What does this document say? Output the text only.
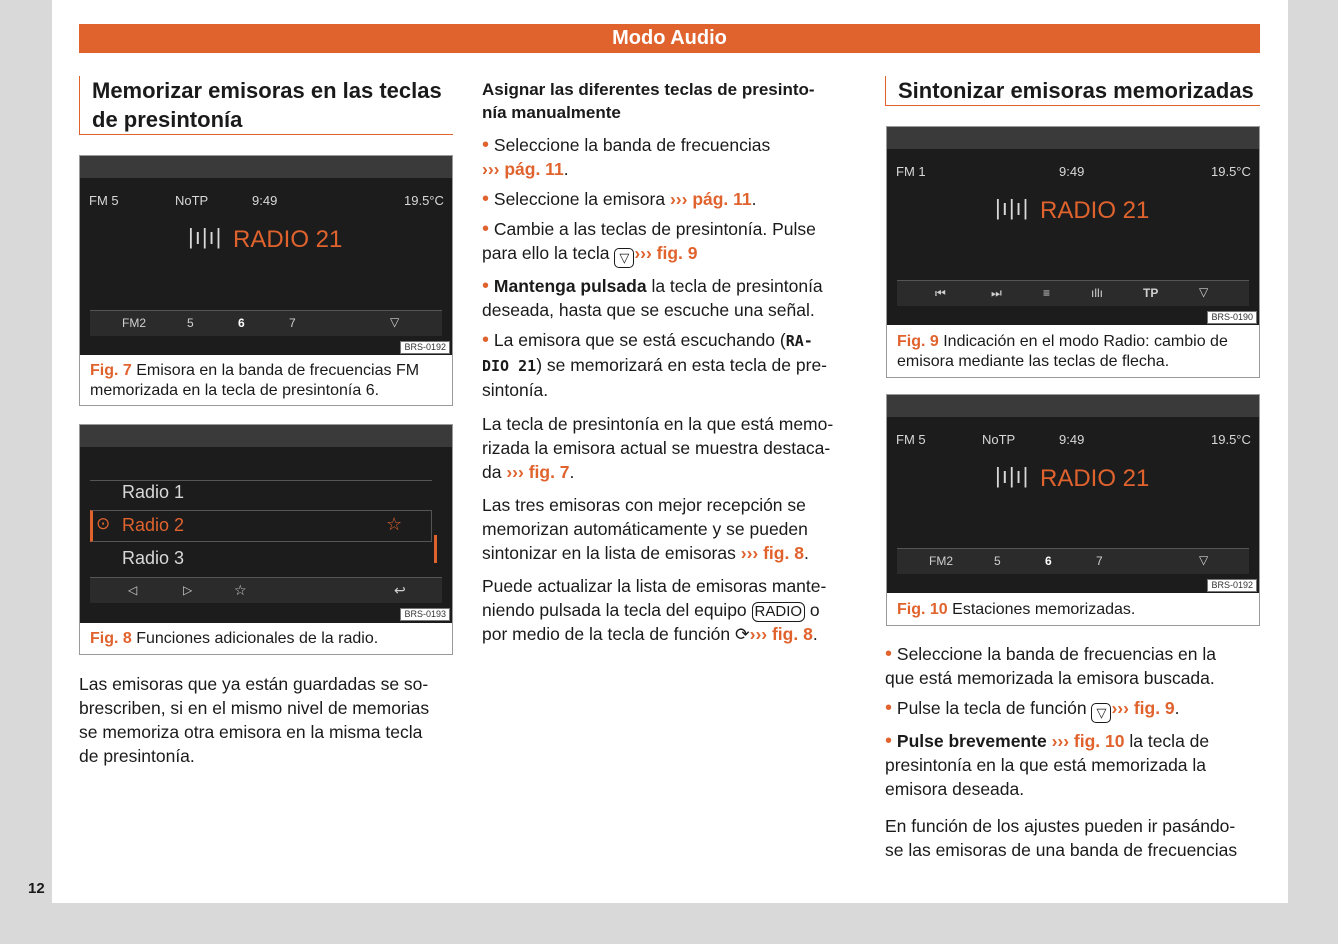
Modo Audio
Memorizar emisoras en las teclas
de presintonía
FM 5	NoTP	9:49	19.5°C
|ı|ı| RADIO 21
FM2	5	6	7	▽
BRS-0192
Fig. 7 Emisora en la banda de frecuencias FM
memorizada en la tecla de presintonía 6.
Radio 1
⊙ Radio 2	☆
Radio 3
◁	▷	☆	↩
BRS-0193
Fig. 8 Funciones adicionales de la radio.
Las emisoras que ya están guardadas se so-
brescriben, si en el mismo nivel de memorias
se memoriza otra emisora en la misma tecla
de presintonía.
Asignar las diferentes teclas de presinto-
nía manualmente
• Seleccione la banda de frecuencias
››› pág. 11.
• Seleccione la emisora ››› pág. 11.
• Cambie a las teclas de presintonía. Pulse
para ello la tecla ▽ ››› fig. 9
• Mantenga pulsada la tecla de presintonía
deseada, hasta que se escuche una señal.
• La emisora que se está escuchando (RA-
DIO 21) se memorizará en esta tecla de pre-
sintonía.
La tecla de presintonía en la que está memo-
rizada la emisora actual se muestra destaca-
da ››› fig. 7.
Las tres emisoras con mejor recepción se
memorizan automáticamente y se pueden
sintonizar en la lista de emisoras ››› fig. 8.
Puede actualizar la lista de emisoras mante-
niendo pulsada la tecla del equipo RADIO o
por medio de la tecla de función ⟳››› fig. 8.
Sintonizar emisoras memorizadas
FM 1	9:49	19.5°C
|ı|ı| RADIO 21
⏮	⏭	≡	ıllı	TP	▽
BRS-0190
Fig. 9 Indicación en el modo Radio: cambio de
emisora mediante las teclas de flecha.
FM 5	NoTP	9:49	19.5°C
|ı|ı| RADIO 21
FM2	5	6	7	▽
BRS-0192
Fig. 10 Estaciones memorizadas.
• Seleccione la banda de frecuencias en la
que está memorizada la emisora buscada.
• Pulse la tecla de función ▽ ››› fig. 9.
• Pulse brevemente ››› fig. 10 la tecla de
presintonía en la que está memorizada la
emisora deseada.
En función de los ajustes pueden ir pasándo-
se las emisoras de una banda de frecuencias
12
